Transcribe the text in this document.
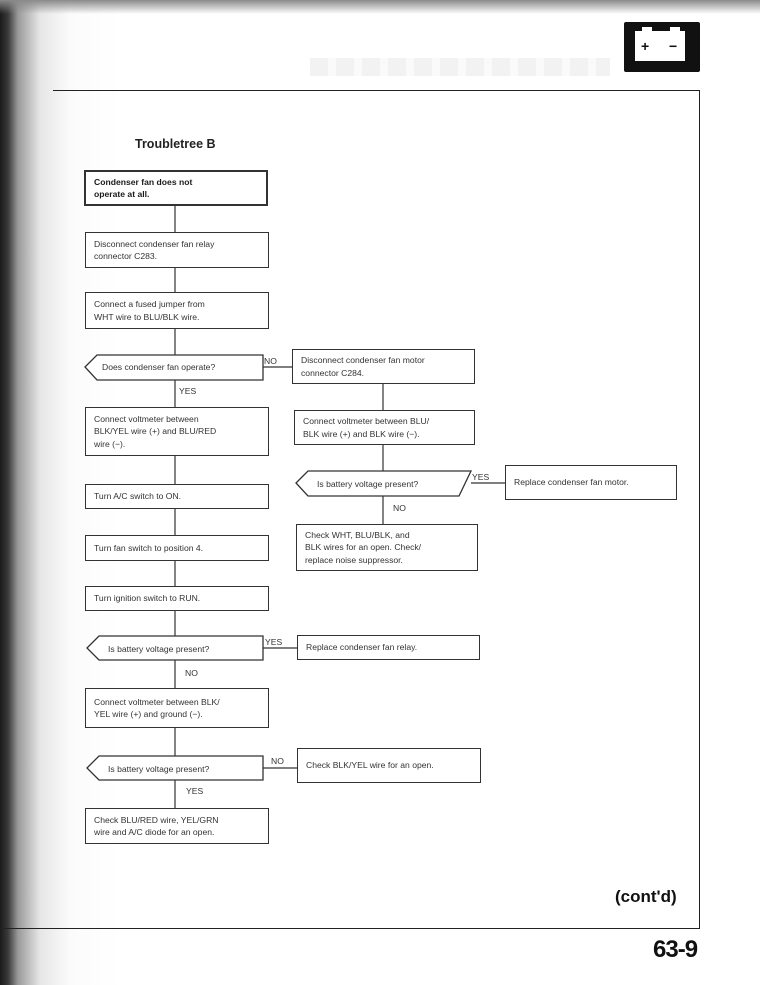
+ −
Troubletree B
Condenser fan does not
operate at all.
Disconnect condenser fan relay
connector C283.
Connect a fused jumper from
WHT wire to BLU/BLK wire.
Does condenser fan operate?
Connect voltmeter between
BLK/YEL wire (+) and BLU/RED
wire (−).
Turn A/C switch to ON.
Turn fan switch to position 4.
Turn ignition switch to RUN.
Is battery voltage present?
Connect voltmeter between BLK/
YEL wire (+) and ground (−).
Is battery voltage present?
Check BLU/RED wire, YEL/GRN
wire and A/C diode for an open.
Disconnect condenser fan motor
connector C284.
Connect voltmeter between BLU/
BLK wire (+) and BLK wire (−).
Is battery voltage present?	Replace condenser fan motor.
Check WHT, BLU/BLK, and
BLK wires for an open. Check/
replace noise suppressor.
Replace condenser fan relay.
Check BLK/YEL wire for an open.
NO
YES
YES
NO
YES
NO
NO
YES
(cont'd)
63-9
